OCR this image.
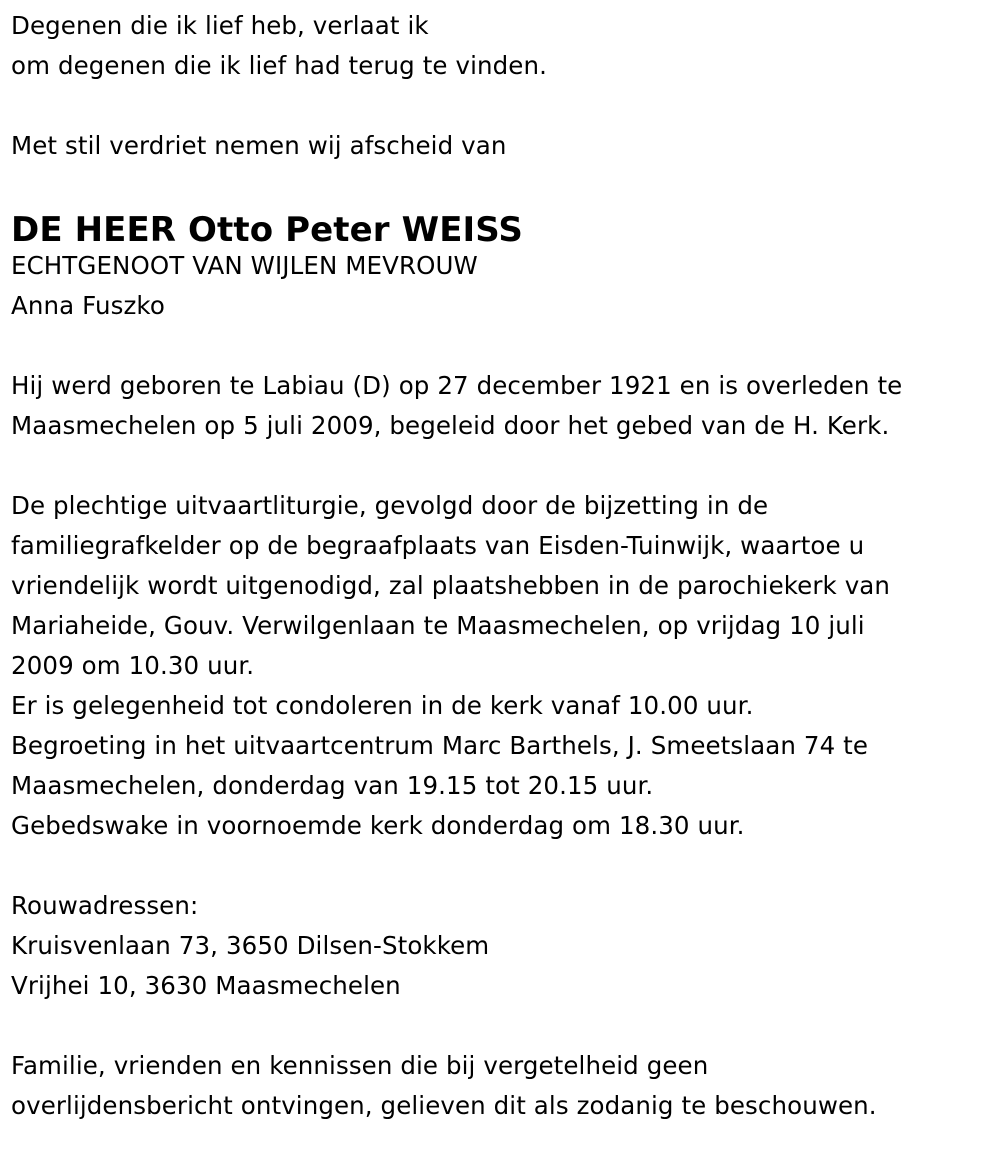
Degenen die ik lief heb, verlaat ik
om degenen die ik lief had terug te vinden.
Met stil verdriet nemen wij afscheid van
DE HEER Otto Peter WEISS
ECHTGENOOT VAN WIJLEN MEVROUW
Anna Fuszko
Hij werd geboren te Labiau (D) op 27 december 1921 en is overleden te
Maasmechelen op 5 juli 2009, begeleid door het gebed van de H. Kerk.
De plechtige uitvaartliturgie, gevolgd door de bijzetting in de
familiegrafkelder op de begraafplaats van Eisden-Tuinwijk, waartoe u
vriendelijk wordt uitgenodigd, zal plaatshebben in de parochiekerk van
Mariaheide, Gouv. Verwilgenlaan te Maasmechelen, op vrijdag 10 juli
2009 om 10.30 uur.
Er is gelegenheid tot condoleren in de kerk vanaf 10.00 uur.
Begroeting in het uitvaartcentrum Marc Barthels, J. Smeetslaan 74 te
Maasmechelen, donderdag van 19.15 tot 20.15 uur.
Gebedswake in voornoemde kerk donderdag om 18.30 uur.
Rouwadressen:
Kruisvenlaan 73, 3650 Dilsen-Stokkem
Vrijhei 10, 3630 Maasmechelen
Familie, vrienden en kennissen die bij vergetelheid geen
overlijdensbericht ontvingen, gelieven dit als zodanig te beschouwen.
